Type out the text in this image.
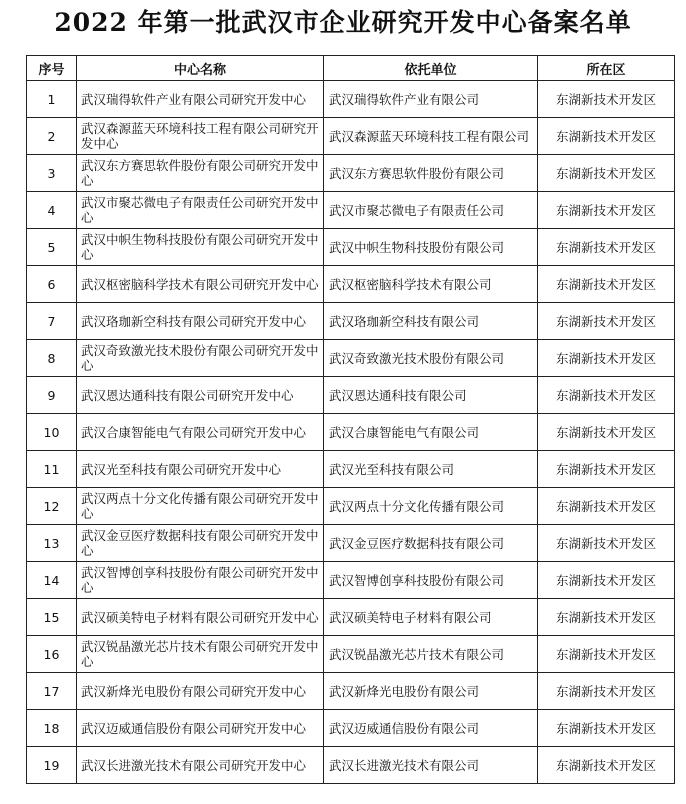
2022 年第一批武汉市企业研究开发中心备案名单
序号	中心名称	依托单位	所在区
1	武汉瑞得软件产业有限公司研究开发中心	武汉瑞得软件产业有限公司	东湖新技术开发区
2	武汉森源蓝天环境科技工程有限公司研究开发中心	武汉森源蓝天环境科技工程有限公司	东湖新技术开发区
3	武汉东方赛思软件股份有限公司研究开发中心	武汉东方赛思软件股份有限公司	东湖新技术开发区
4	武汉市聚芯微电子有限责任公司研究开发中心	武汉市聚芯微电子有限责任公司	东湖新技术开发区
5	武汉中帜生物科技股份有限公司研究开发中心	武汉中帜生物科技股份有限公司	东湖新技术开发区
6	武汉枢密脑科学技术有限公司研究开发中心	武汉枢密脑科学技术有限公司	东湖新技术开发区
7	武汉珞珈新空科技有限公司研究开发中心	武汉珞珈新空科技有限公司	东湖新技术开发区
8	武汉奇致激光技术股份有限公司研究开发中心	武汉奇致激光技术股份有限公司	东湖新技术开发区
9	武汉恩达通科技有限公司研究开发中心	武汉恩达通科技有限公司	东湖新技术开发区
10	武汉合康智能电气有限公司研究开发中心	武汉合康智能电气有限公司	东湖新技术开发区
11	武汉光至科技有限公司研究开发中心	武汉光至科技有限公司	东湖新技术开发区
12	武汉两点十分文化传播有限公司研究开发中心	武汉两点十分文化传播有限公司	东湖新技术开发区
13	武汉金豆医疗数据科技有限公司研究开发中心	武汉金豆医疗数据科技有限公司	东湖新技术开发区
14	武汉智博创享科技股份有限公司研究开发中心	武汉智博创享科技股份有限公司	东湖新技术开发区
15	武汉硕美特电子材料有限公司研究开发中心	武汉硕美特电子材料有限公司	东湖新技术开发区
16	武汉锐晶激光芯片技术有限公司研究开发中心	武汉锐晶激光芯片技术有限公司	东湖新技术开发区
17	武汉新烽光电股份有限公司研究开发中心	武汉新烽光电股份有限公司	东湖新技术开发区
18	武汉迈威通信股份有限公司研究开发中心	武汉迈威通信股份有限公司	东湖新技术开发区
19	武汉长进激光技术有限公司研究开发中心	武汉长进激光技术有限公司	东湖新技术开发区
